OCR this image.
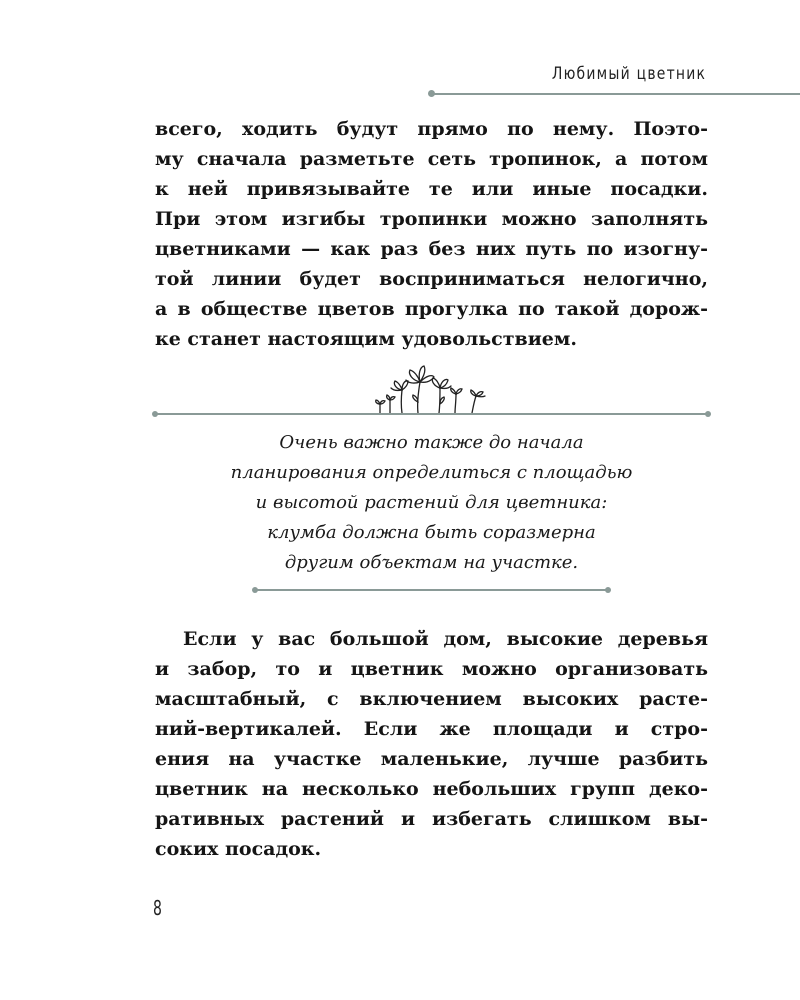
Любимый цветник
всего, ходить будут прямо по нему. Поэто-
му сначала разметьте сеть тропинок, а потом
к ней привязывайте те или иные посадки.
При этом изгибы тропинки можно заполнять
цветниками — как раз без них путь по изогну-
той линии будет восприниматься нелогично,
а в обществе цветов прогулка по такой дорож-
ке станет настоящим удовольствием.
Очень важно также до начала
планирования определиться с площадью
и высотой растений для цветника:
клумба должна быть соразмерна
другим объектам на участке.
Если у вас большой дом, высокие деревья
и забор, то и цветник можно организовать
масштабный, с включением высоких расте-
ний-вертикалей. Если же площади и стро-
ения на участке маленькие, лучше разбить
цветник на несколько небольших групп деко-
ративных растений и избегать слишком вы-
соких посадок.
8
